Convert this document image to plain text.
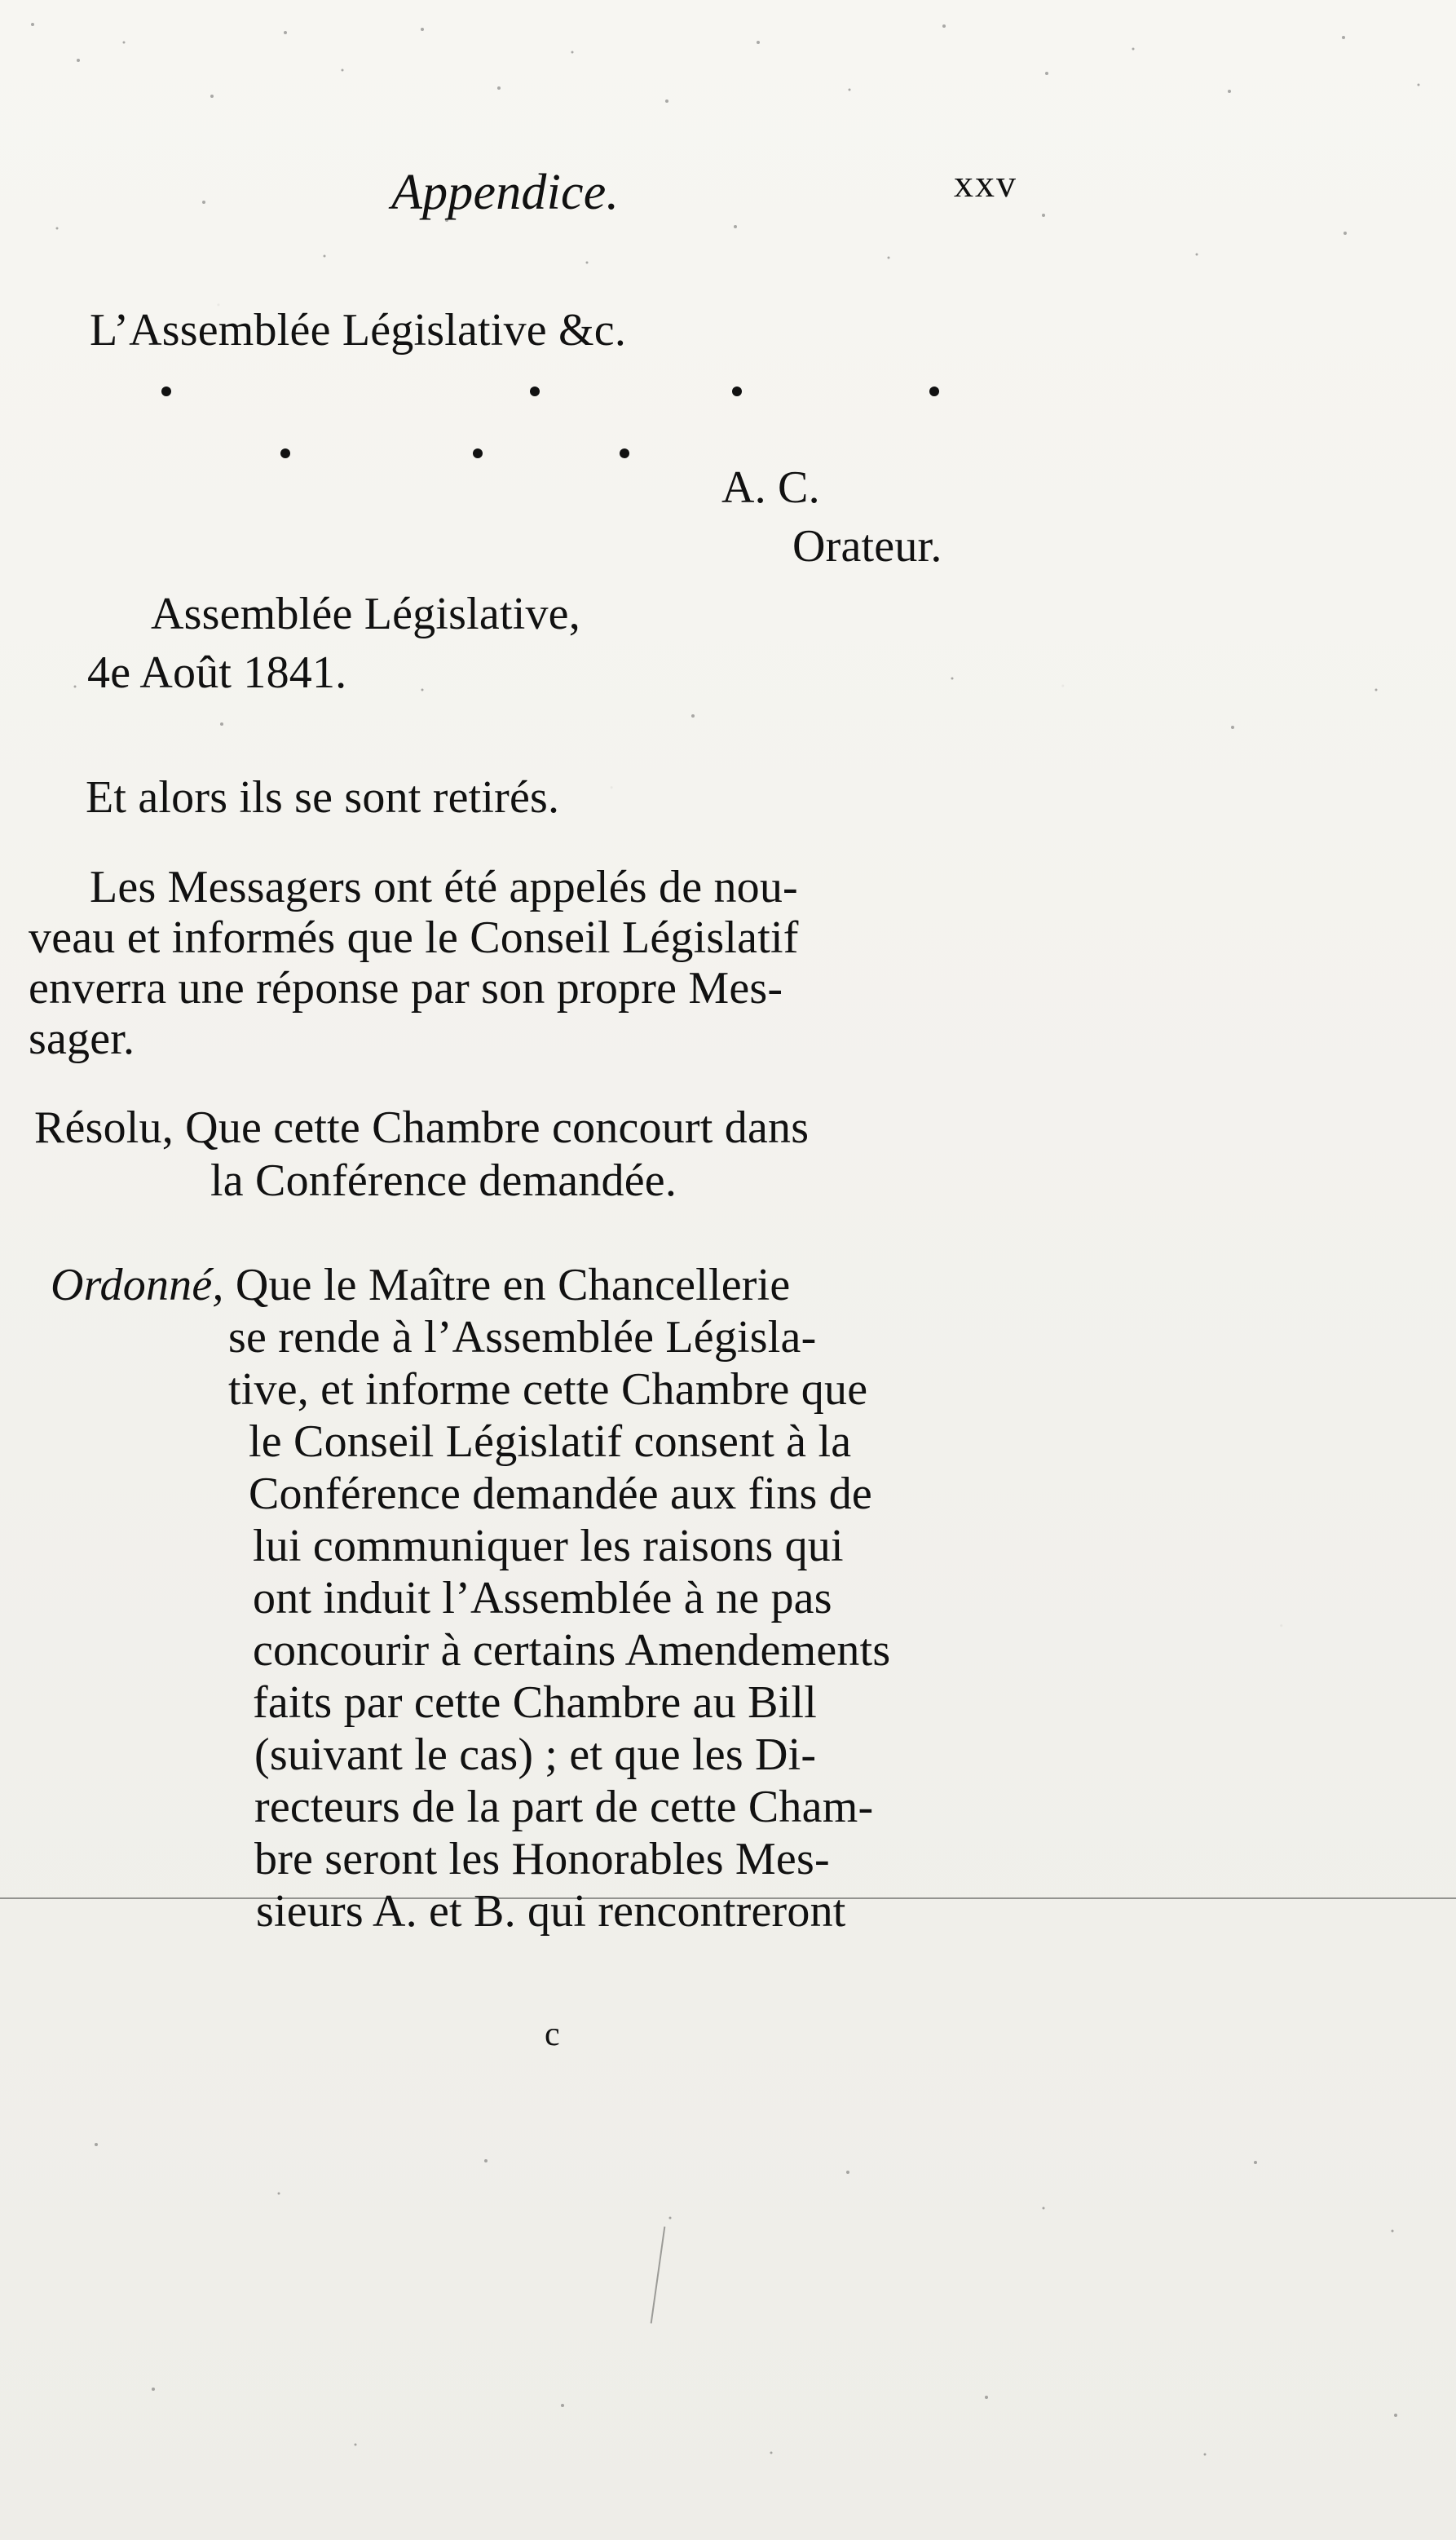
Appendice.	xxv
L’Assemblée Législative &c.
A. C.
Orateur.
Assemblée Législative,
4e Août 1841.
Et alors ils se sont retirés.
Les Messagers ont été appelés de nou-
veau et informés que le Conseil Législatif
enverra une réponse par son propre Mes-
sager.
Résolu, Que cette Chambre concourt dans
la Conférence demandée.
Ordonné, Que le Maître en Chancellerie
se rende à l’Assemblée Législa-
tive, et informe cette Chambre que
le Conseil Législatif consent à la
Conférence demandée aux fins de
lui communiquer les raisons qui
ont induit l’Assemblée à ne pas
concourir à certains Amendements
faits par cette Chambre au Bill
(suivant le cas) ; et que les Di-
recteurs de la part de cette Cham-
bre seront les Honorables Mes-
sieurs A. et B. qui rencontreront
c
